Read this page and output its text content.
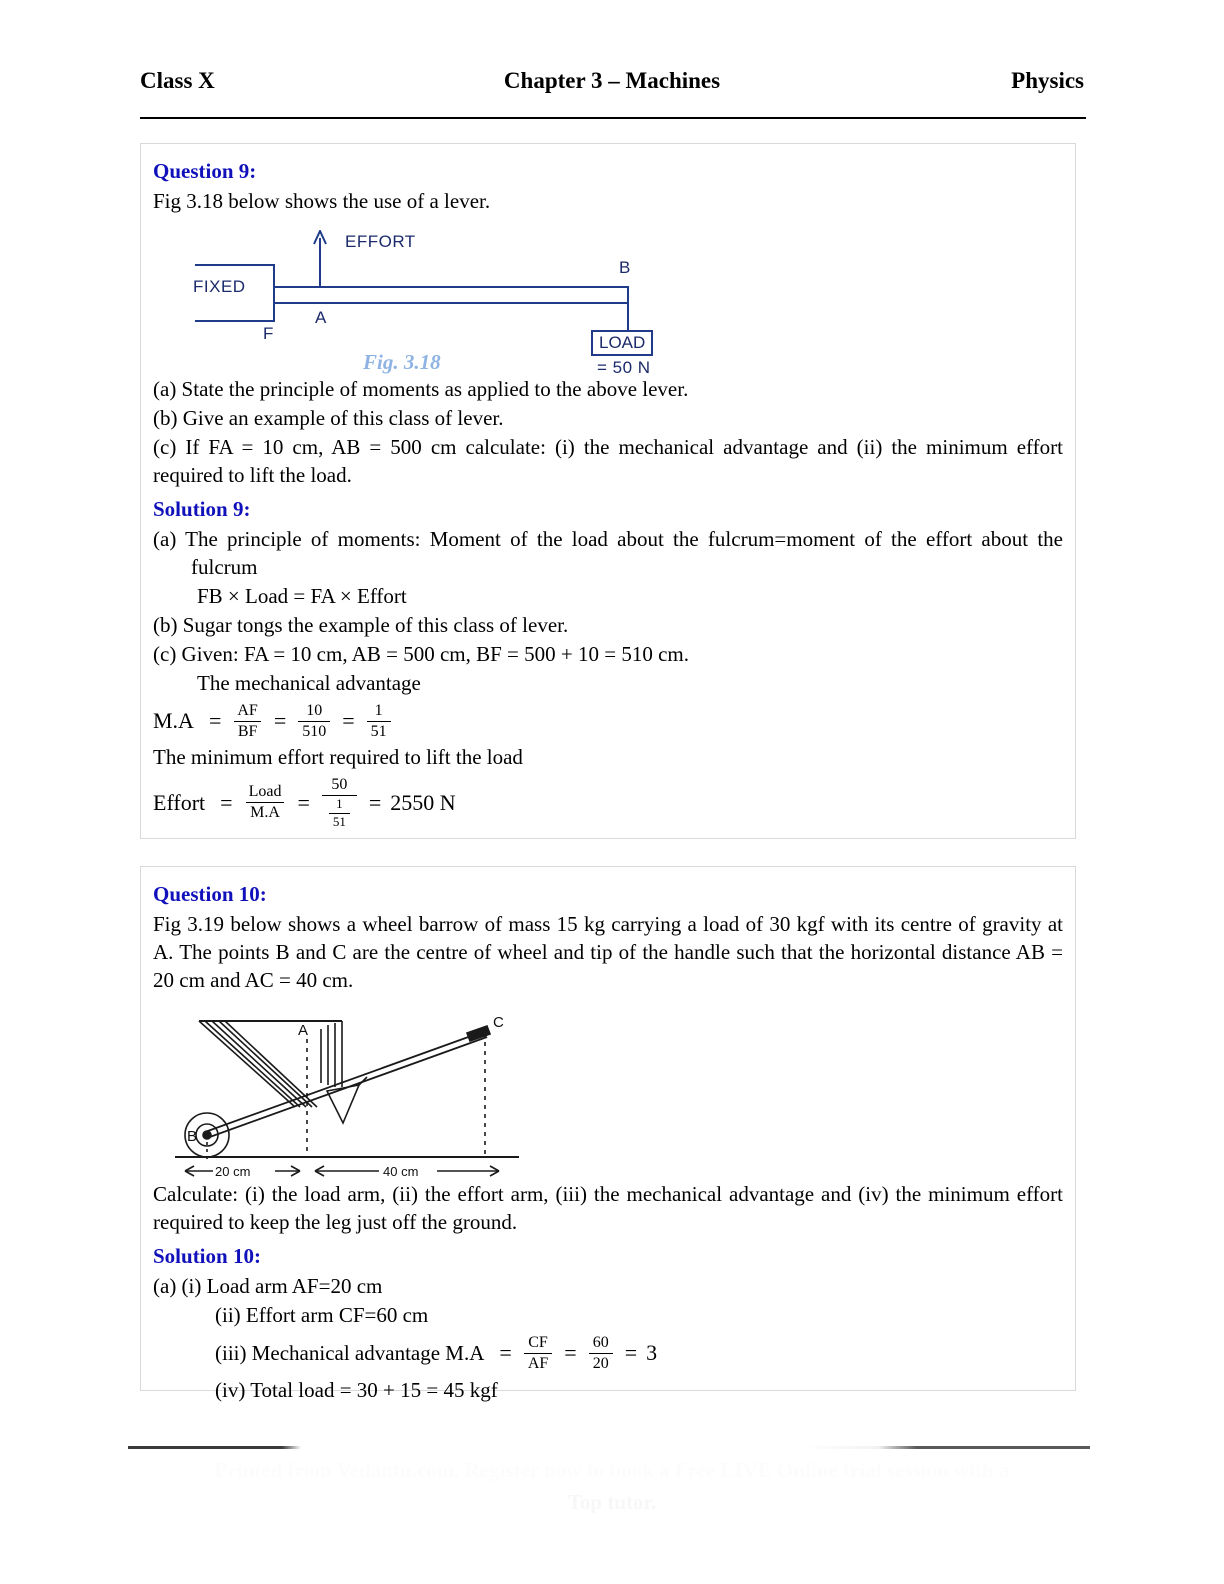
Class X	Chapter 3 – Machines	Physics
Question 9:
Fig 3.18 below shows the use of a lever.
EFFORT
FIXED
F
A
B
LOAD
= 50 N
Fig. 3.18
(a) State the principle of moments as applied to the above lever.
(b) Give an example of this class of lever.
(c) If FA = 10 cm, AB = 500 cm calculate: (i) the mechanical advantage and (ii) the minimum effort required to lift the load.
Solution 9:
(a) The principle of moments: Moment of the load about the fulcrum=moment of the effort about the fulcrum
FB × Load = FA × Effort
(b) Sugar tongs the example of this class of lever.
(c) Given: FA = 10 cm, AB = 500 cm, BF = 500 + 10 = 510 cm.
The mechanical advantage
$M.A = \frac{AF}{BF} = \frac{10}{510} = \frac{1}{51}$
The minimum effort required to lift the load
Effort = $\frac{\text{Load}}{M.A} = \frac{50}{\frac{1}{51}} = 2550$ N
Question 10:
Fig 3.19 below shows a wheel barrow of mass 15 kg carrying a load of 30 kgf with its centre of gravity at A. The points B and C are the centre of wheel and tip of the handle such that the horizontal distance AB = 20 cm and AC = 40 cm.
A
B
C
20 cm	40 cm
Calculate: (i) the load arm, (ii) the effort arm, (iii) the mechanical advantage and (iv) the minimum effort required to keep the leg just off the ground.
Solution 10:
(a) (i) Load arm AF=20 cm
(ii) Effort arm CF=60 cm
(iii) Mechanical advantage $M.A = \frac{CF}{AF} = \frac{60}{20} = 3$
(iv) Total load = 30 + 15 = 45 kgf
Printed from Vedantu.com. Register now to book a Free LIVE Online trial session with a
Top tutor.
